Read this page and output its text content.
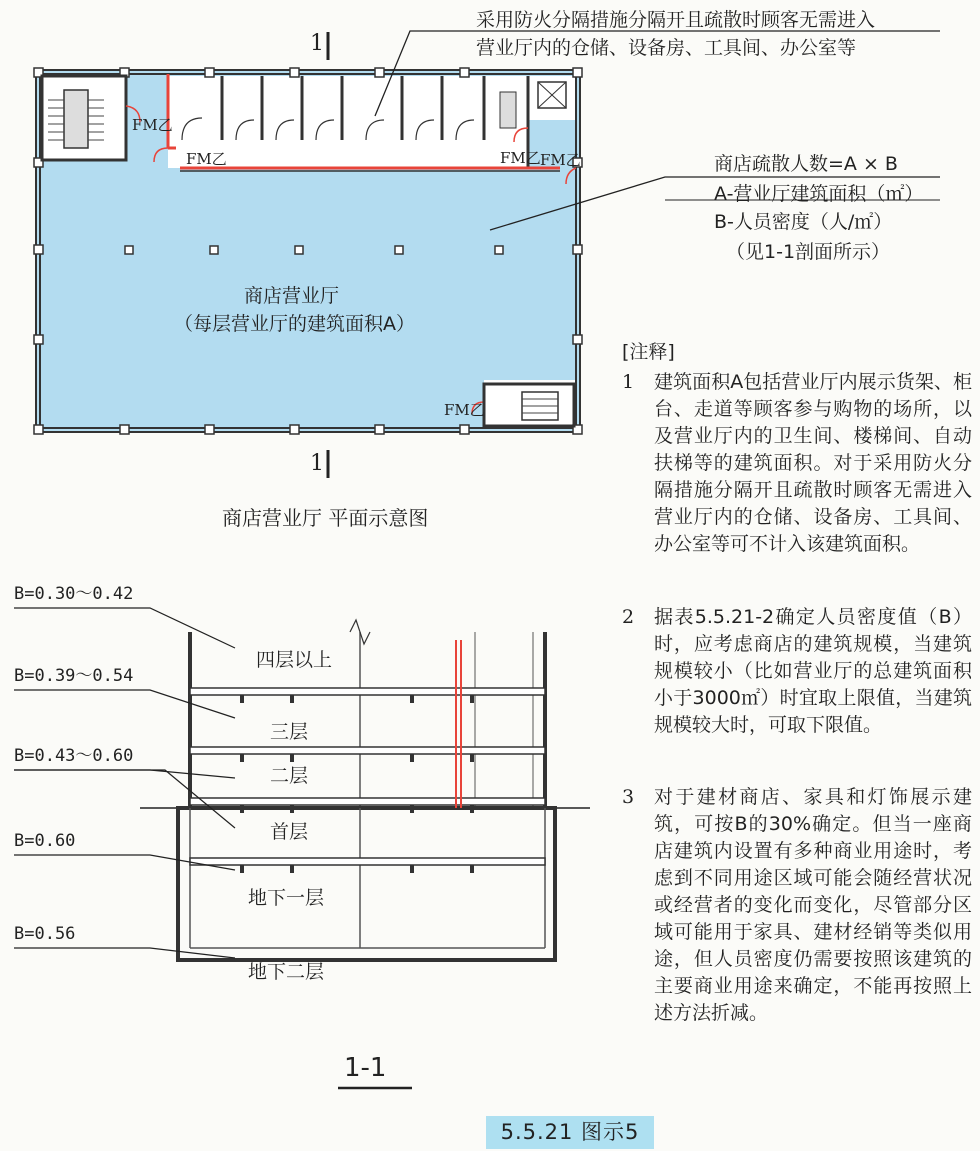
采用防火分隔措施分隔开且疏散时顾客无需进入
营业厅内的仓储、设备房、工具间、办公室等
1
1
商店疏散人数=A × B
A-营业厅建筑面积（㎡）
B-人员密度（人/㎡）
（见1-1剖面所示）
商店营业厅
（每层营业厅的建筑面积A）
FM乙
FM乙	FM乙 FM乙
FM乙
商店营业厅 平面示意图
[注释]
1	建筑面积A包括营业厅内展示货架、柜台、走道等顾客参与购物的场所，以及营业厅内的卫生间、楼梯间、自动扶梯等的建筑面积。对于采用防火分隔措施分隔开且疏散时顾客无需进入营业厅内的仓储、设备房、工具间、办公室等可不计入该建筑面积。
2	据表5.5.21-2确定人员密度值（B）时，应考虑商店的建筑规模，当建筑规模较小（比如营业厅的总建筑面积小于3000㎡）时宜取上限值，当建筑规模较大时，可取下限值。
3	对于建材商店、家具和灯饰展示建筑，可按B的30%确定。但当一座商店建筑内设置有多种商业用途时，考虑到不同用途区域可能会随经营状况或经营者的变化而变化，尽管部分区域可能用于家具、建材经销等类似用途，但人员密度仍需要按照该建筑的主要商业用途来确定，不能再按照上述方法折减。
B=0.30～0.42
B=0.39～0.54
B=0.43～0.60
B=0.60
B=0.56
四层以上
三层
二层
首层
地下一层
地下二层
1-1
5.5.21 图示5
